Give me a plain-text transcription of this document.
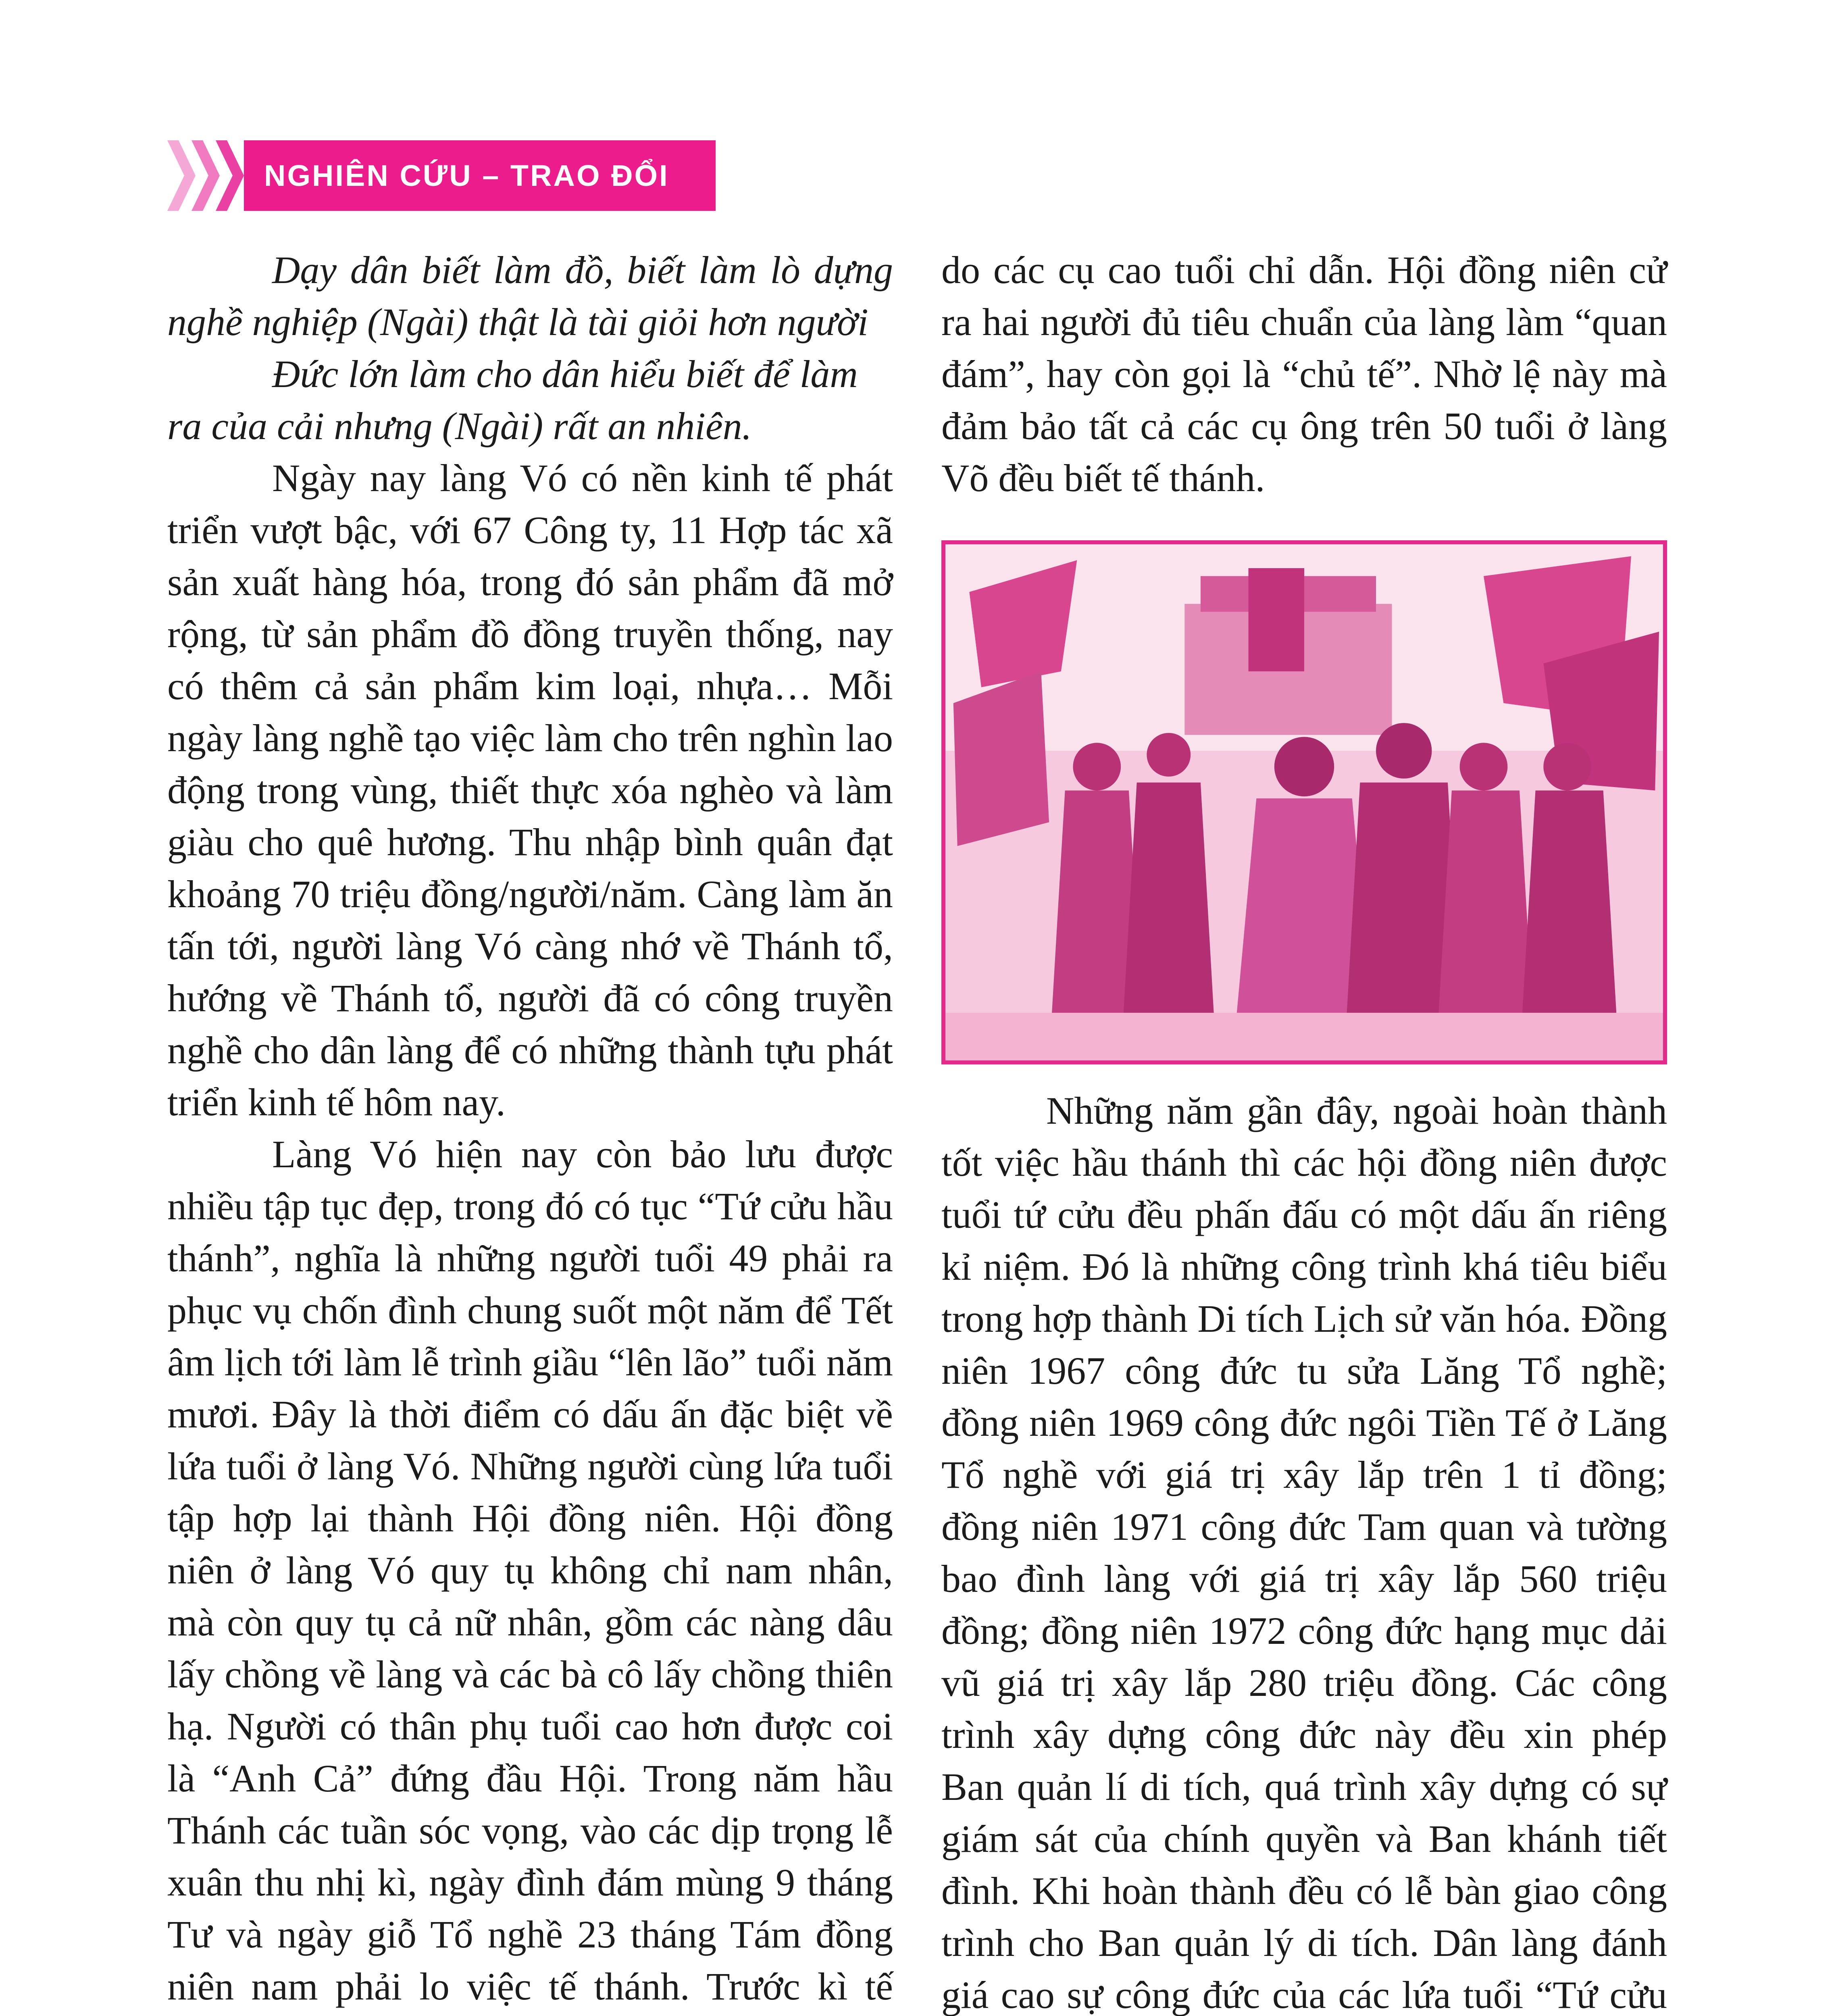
NGHIÊN CỨU – TRAO ĐỔI

Dạy dân biết làm đồ, biết làm lò dựng nghề nghiệp (Ngài) thật là tài giỏi hơn người

Đức lớn làm cho dân hiểu biết để làm ra của cải nhưng (Ngài) rất an nhiên.

Ngày nay làng Vó có nền kinh tế phát triển vượt bậc, với 67 Công ty, 11 Hợp tác xã sản xuất hàng hóa, trong đó sản phẩm đã mở rộng, từ sản phẩm đồ đồng truyền thống, nay có thêm cả sản phẩm kim loại, nhựa… Mỗi ngày làng nghề tạo việc làm cho trên nghìn lao động trong vùng, thiết thực xóa nghèo và làm giàu cho quê hương. Thu nhập bình quân đạt khoảng 70 triệu đồng/người/năm. Càng làm ăn tấn tới, người làng Vó càng nhớ về Thánh tổ, hướng về Thánh tổ, người đã có công truyền nghề cho dân làng để có những thành tựu phát triển kinh tế hôm nay.

Làng Vó hiện nay còn bảo lưu được nhiều tập tục đẹp, trong đó có tục “Tứ cửu hầu thánh”, nghĩa là những người tuổi 49 phải ra phục vụ chốn đình chung suốt một năm để Tết âm lịch tới làm lễ trình giầu “lên lão” tuổi năm mươi. Đây là thời điểm có dấu ấn đặc biệt về lứa tuổi ở làng Vó. Những người cùng lứa tuổi tập hợp lại thành Hội đồng niên. Hội đồng niên ở làng Vó quy tụ không chỉ nam nhân, mà còn quy tụ cả nữ nhân, gồm các nàng dâu lấy chồng về làng và các bà cô lấy chồng thiên hạ. Người có thân phụ tuổi cao hơn được coi là “Anh Cả” đứng đầu Hội. Trong năm hầu Thánh các tuần sóc vọng, vào các dịp trọng lễ xuân thu nhị kì, ngày đình đám mùng 9 tháng Tư và ngày giỗ Tổ nghề 23 tháng Tám đồng niên nam phải lo việc tế thánh. Trước kì tế

do các cụ cao tuổi chỉ dẫn. Hội đồng niên cử ra hai người đủ tiêu chuẩn của làng làm “quan đám”, hay còn gọi là “chủ tế”. Nhờ lệ này mà đảm bảo tất cả các cụ ông trên 50 tuổi ở làng Võ đều biết tế thánh.

Những năm gần đây, ngoài hoàn thành tốt việc hầu thánh thì các hội đồng niên được tuổi tứ cửu đều phấn đấu có một dấu ấn riêng kỉ niệm. Đó là những công trình khá tiêu biểu trong hợp thành Di tích Lịch sử văn hóa. Đồng niên 1967 công đức tu sửa Lăng Tổ nghề; đồng niên 1969 công đức ngôi Tiền Tế ở Lăng Tổ nghề với giá trị xây lắp trên 1 tỉ đồng; đồng niên 1971 công đức Tam quan và tường bao đình làng với giá trị xây lắp 560 triệu đồng; đồng niên 1972 công đức hạng mục dải vũ giá trị xây lắp 280 triệu đồng. Các công trình xây dựng công đức này đều xin phép Ban quản lí di tích, quá trình xây dựng có sự giám sát của chính quyền và Ban khánh tiết đình. Khi hoàn thành đều có lễ bàn giao công trình cho Ban quản lý di tích. Dân làng đánh giá cao sự công đức của các lứa tuổi “Tứ cửu
